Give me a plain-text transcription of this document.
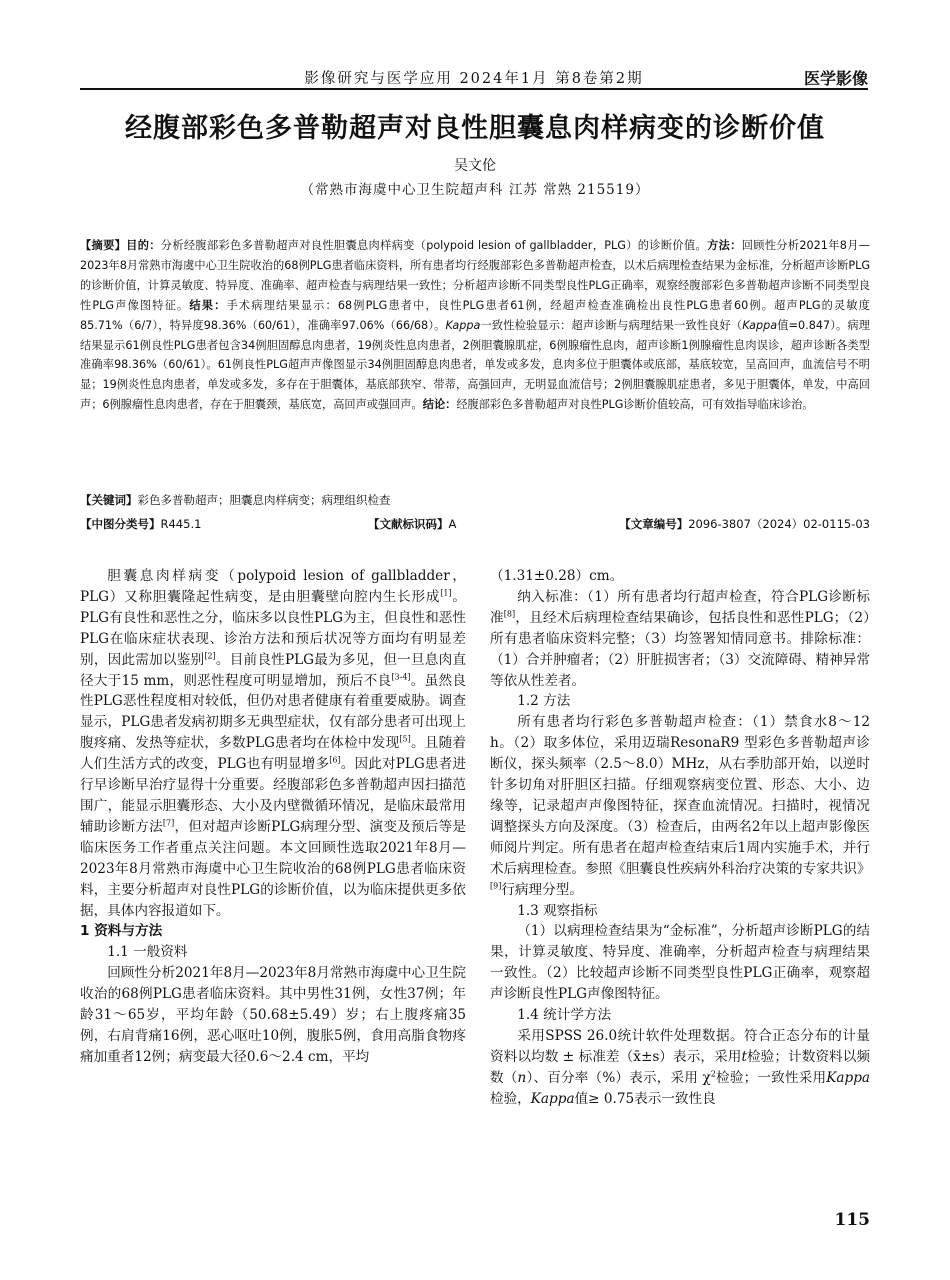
影像研究与医学应用 2024年1月 第8卷第2期	医学影像
经腹部彩色多普勒超声对良性胆囊息肉样病变的诊断价值
吴文伦
（常熟市海虞中心卫生院超声科 江苏 常熟 215519）
【摘要】目的：分析经腹部彩色多普勒超声对良性胆囊息肉样病变（polypoid lesion of gallbladder，PLG）的诊断价值。方法：回顾性分析2021年8月—2023年8月常熟市海虞中心卫生院收治的68例PLG患者临床资料，所有患者均行经腹部彩色多普勒超声检查，以术后病理检查结果为金标准，分析超声诊断PLG的诊断价值，计算灵敏度、特异度、准确率、超声检查与病理结果一致性；分析超声诊断不同类型良性PLG正确率，观察经腹部彩色多普勒超声诊断不同类型良性PLG声像图特征。结果：手术病理结果显示：68例PLG患者中，良性PLG患者61例，经超声检查准确检出良性PLG患者60例。超声PLG的灵敏度85.71%（6/7），特异度98.36%（60/61），准确率97.06%（66/68）。Kappa一致性检验显示：超声诊断与病理结果一致性良好（Kappa值=0.847）。病理结果显示61例良性PLG患者包含34例胆固醇息肉患者，19例炎性息肉患者，2例胆囊腺肌症，6例腺瘤性息肉，超声诊断1例腺瘤性息肉误诊，超声诊断各类型准确率98.36%（60/61）。61例良性PLG超声声像图显示34例胆固醇息肉患者，单发或多发，息肉多位于胆囊体或底部，基底较宽，呈高回声，血流信号不明显；19例炎性息肉患者，单发或多发，多存在于胆囊体，基底部狭窄、带蒂，高强回声，无明显血流信号；2例胆囊腺肌症患者，多见于胆囊体，单发，中高回声；6例腺瘤性息肉患者，存在于胆囊颈，基底宽，高回声或强回声。结论：经腹部彩色多普勒超声对良性PLG诊断价值较高，可有效指导临床诊治。
【关键词】彩色多普勒超声；胆囊息肉样病变；病理组织检查
【中图分类号】R445.1	【文献标识码】A	【文章编号】2096-3807（2024）02-0115-03

胆囊息肉样病变（polypoid lesion of gallbladder，PLG）又称胆囊隆起性病变，是由胆囊壁向腔内生长形成[1]。PLG有良性和恶性之分，临床多以良性PLG为主，但良性和恶性PLG在临床症状表现、诊治方法和预后状况等方面均有明显差别，因此需加以鉴别[2]。目前良性PLG最为多见，但一旦息肉直径大于15 mm，则恶性程度可明显增加，预后不良[3-4]。虽然良性PLG恶性程度相对较低，但仍对患者健康有着重要威胁。调查显示，PLG患者发病初期多无典型症状，仅有部分患者可出现上腹疼痛、发热等症状，多数PLG患者均在体检中发现[5]。且随着人们生活方式的改变，PLG也有明显增多[6]。因此对PLG患者进行早诊断早治疗显得十分重要。经腹部彩色多普勒超声因扫描范围广，能显示胆囊形态、大小及内壁微循环情况，是临床最常用辅助诊断方法[7]，但对超声诊断PLG病理分型、演变及预后等是临床医务工作者重点关注问题。本文回顾性选取2021年8月—2023年8月常熟市海虞中心卫生院收治的68例PLG患者临床资料，主要分析超声对良性PLG的诊断价值，以为临床提供更多依据，具体内容报道如下。

1 资料与方法
1.1 一般资料

回顾性分析2021年8月—2023年8月常熟市海虞中心卫生院收治的68例PLG患者临床资料。其中男性31例，女性37例；年龄31～65岁，平均年龄（50.68±5.49）岁；右上腹疼痛35例，右肩背痛16例，恶心呕吐10例，腹胀5例，食用高脂食物疼痛加重者12例；病变最大径0.6～2.4 cm，平均

（1.31±0.28）cm。

纳入标准：（1）所有患者均行超声检查，符合PLG诊断标准[8]，且经术后病理检查结果确诊，包括良性和恶性PLG；（2）所有患者临床资料完整；（3）均签署知情同意书。排除标准：（1）合并肿瘤者；（2）肝脏损害者；（3）交流障碍、精神异常等依从性差者。

1.2 方法

所有患者均行彩色多普勒超声检查：（1）禁食水8～12 h。（2）取多体位，采用迈瑞ResonaR9 型彩色多普勒超声诊断仪，探头频率（2.5～8.0）MHz，从右季肋部开始，以逆时针多切角对肝胆区扫描。仔细观察病变位置、形态、大小、边缘等，记录超声声像图特征，探查血流情况。扫描时，视情况调整探头方向及深度。（3）检查后，由两名2年以上超声影像医师阅片判定。所有患者在超声检查结束后1周内实施手术，并行术后病理检查。参照《胆囊良性疾病外科治疗决策的专家共识》[9]行病理分型。

1.3 观察指标

（1）以病理检查结果为“金标准”，分析超声诊断PLG的结果，计算灵敏度、特异度、准确率，分析超声检查与病理结果一致性。（2）比较超声诊断不同类型良性PLG正确率，观察超声诊断良性PLG声像图特征。

1.4 统计学方法

采用SPSS 26.0统计软件处理数据。符合正态分布的计量资料以均数 ± 标准差（x̄±s）表示，采用t检验；计数资料以频数（n）、百分率（%）表示，采用 $\chi^2$检验；一致性采用Kappa检验，Kappa值≥ 0.75表示一致性良

115
